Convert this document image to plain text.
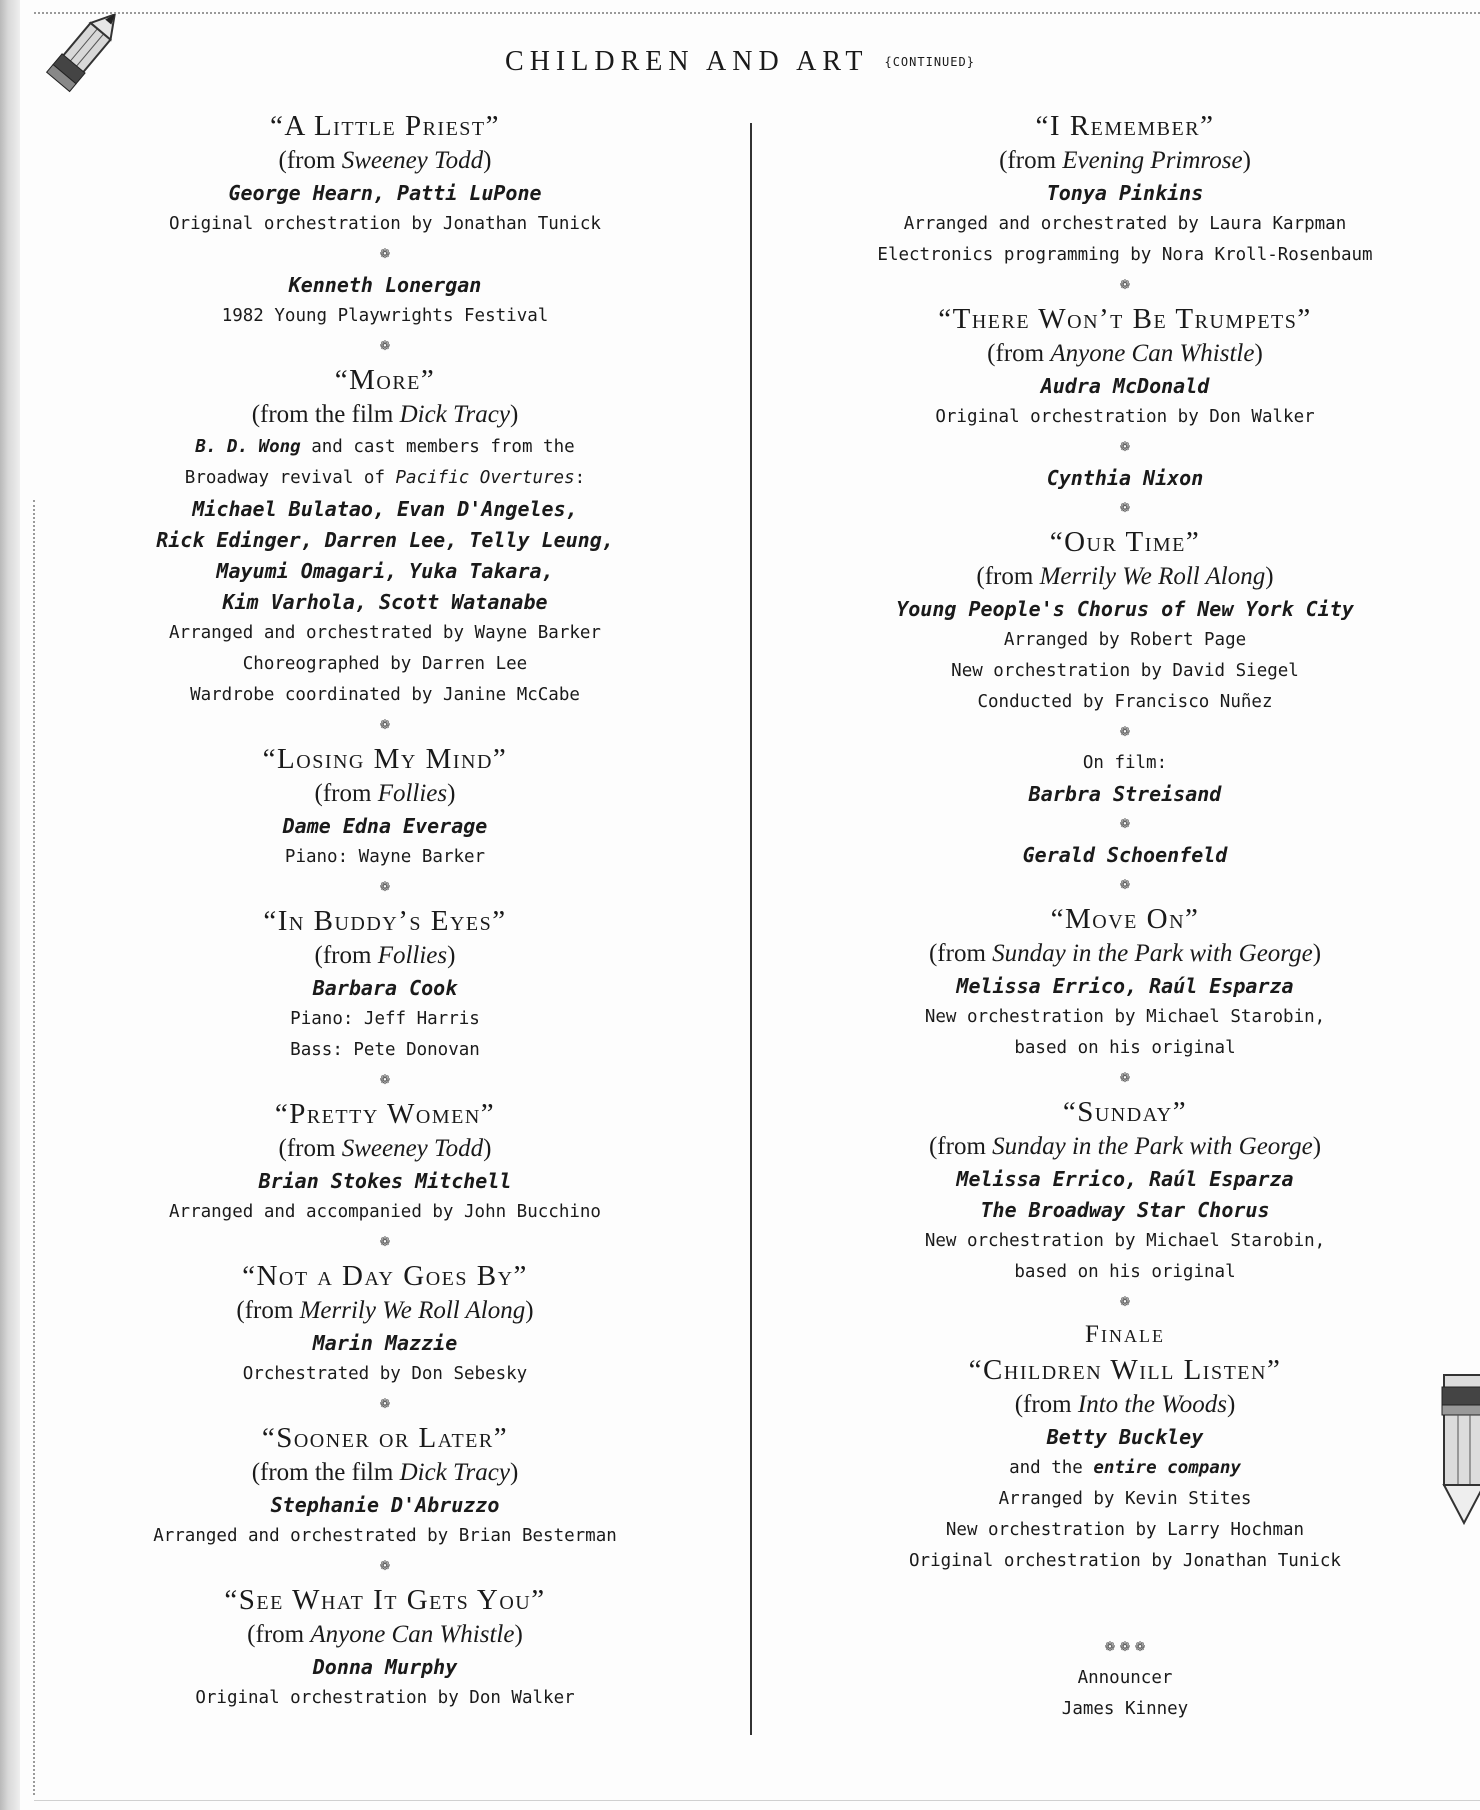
CHILDREN AND ART $^{\{CONTINUED\}}$
“A Little Priest”
(from Sweeney Todd)
George Hearn, Patti LuPone
Original orchestration by Jonathan Tunick
❁
Kenneth Lonergan
1982 Young Playwrights Festival
❁
“More”
(from the film Dick Tracy)
B. D. Wong and cast members from the
Broadway revival of Pacific Overtures:
Michael Bulatao, Evan D'Angeles,
Rick Edinger, Darren Lee, Telly Leung,
Mayumi Omagari, Yuka Takara,
Kim Varhola, Scott Watanabe
Arranged and orchestrated by Wayne Barker
Choreographed by Darren Lee
Wardrobe coordinated by Janine McCabe
❁
“Losing My Mind”
(from Follies)
Dame Edna Everage
Piano: Wayne Barker
❁
“In Buddy’s Eyes”
(from Follies)
Barbara Cook
Piano: Jeff Harris
Bass: Pete Donovan
❁
“Pretty Women”
(from Sweeney Todd)
Brian Stokes Mitchell
Arranged and accompanied by John Bucchino
❁
“Not a Day Goes By”
(from Merrily We Roll Along)
Marin Mazzie
Orchestrated by Don Sebesky
❁
“Sooner or Later”
(from the film Dick Tracy)
Stephanie D'Abruzzo
Arranged and orchestrated by Brian Besterman
❁
“See What It Gets You”
(from Anyone Can Whistle)
Donna Murphy
Original orchestration by Don Walker
“I Remember”
(from Evening Primrose)
Tonya Pinkins
Arranged and orchestrated by Laura Karpman
Electronics programming by Nora Kroll-Rosenbaum
❁
“There Won’t Be Trumpets”
(from Anyone Can Whistle)
Audra McDonald
Original orchestration by Don Walker
❁
Cynthia Nixon
❁
“Our Time”
(from Merrily We Roll Along)
Young People's Chorus of New York City
Arranged by Robert Page
New orchestration by David Siegel
Conducted by Francisco Nuñez
❁
On film:
Barbra Streisand
❁
Gerald Schoenfeld
❁
“Move On”
(from Sunday in the Park with George)
Melissa Errico, Raúl Esparza
New orchestration by Michael Starobin,
based on his original
❁
“Sunday”
(from Sunday in the Park with George)
Melissa Errico, Raúl Esparza
The Broadway Star Chorus
New orchestration by Michael Starobin,
based on his original
❁
Finale
“Children Will Listen”
(from Into the Woods)
Betty Buckley
and the entire company
Arranged by Kevin Stites
New orchestration by Larry Hochman
Original orchestration by Jonathan Tunick
❁ ❁ ❁
Announcer
James Kinney
